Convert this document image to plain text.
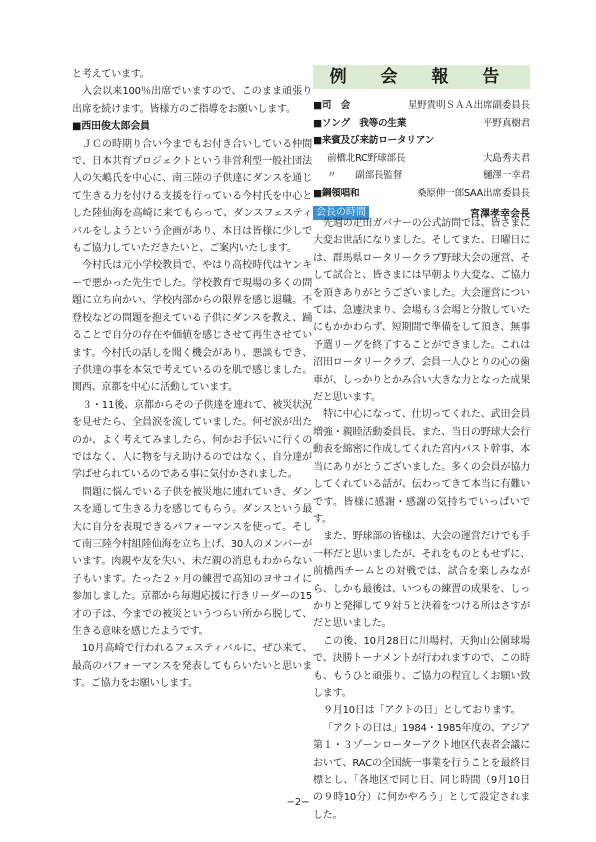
と考えています。

入会以来100％出席でいますので、このまま頑張り出席を続けます。皆様方のご指導をお願いします。

■西田俊太郎会員

ＪＣの時期り合い今までもお付き合いしている仲間で、日本共育プロジェクトという非営利型一般社団法人の矢嶋氏を中心に、南三陸の子供達にダンスを通じて生きる力を付ける支援を行っている今村氏を中心とした陸仙海を高崎に来てもらって、ダンスフェスティバルをしようという企画があり、本日は皆様に少しでもご協力していただきたいと、ご案内いたします。

今村氏は元小学校教員で、やはり高校時代はヤンキーで悪かった先生でした。学校教育で現場の多くの問題に立ち向かい、学校内部からの限界を感じ退職。不登校などの問題を抱えている子供にダンスを教え、踊ることで自分の存在や価値を感じさせて再生させています。今村氏の話しを聞く機会があり、悪談もでき、子供達の事を本気で考えているのを肌で感じました。関西、京都を中心に活動しています。

３・11後、京都からその子供達を連れて、被災状況を見せたら、全員涙を流していました。何ゼ涙が出たのか、よく考えてみましたら、何かお手伝いに行くのではなく、人に物を与え助けるのではなく、自分達が学ばせられているのである事に気付かされました。

問題に悩んでいる子供を被災地に連れていき、ダンスを通して生きる力を感じてもらう。ダンスという最大に自分を表現できるパフォーマンスを使って。そして南三陸今村組陸仙海を立ち上げ、30人のメンバーがいます。肉親や友を失い、未だ親の消息もわからない子もいます。たった２ヶ月の練習で高知のヨサコイに参加しました。京都から毎週応援に行きリーダーの15才の子は、今までの被災というつらい所から脱して、生きる意味を感じたようです。

10月高崎で行われるフェスティバルに、ぜひ来て、最高のパフォーマンスを発表してもらいたいと思います。ご協力をお願いします。

例 会 報 告
■司　会	星野貴明ＳＡＡ出席副委員長
■ソング　我等の生業	平野真樹君
■来賓及び来訪ロータリアン
前橋北RC野球部長	大島秀夫君
〃　　副部長監督	樋澤一幸君
■鋼領唱和	桑原伸一郎SAA出席委員長
会長の時間	宮澤孝幸会長

先週の疋田ガバナーの公式訪問では、皆さまに大変お世話になりました。そしてまた、日曜日には、群馬県ロータリークラブ野球大会の運営、そして試合と、皆さまには早朝より大変な、ご協力を頂きありがとうございました。大会運営については、急遽決まり、会場も３会場と分散していたにもかかわらず、短期間で準備をして頂き、無事予選リーグを終了することができました。これは沼田ロータリークラブ、会員一人ひとりの心の歯車が、しっかりとかみ合い大きな力となった成果だと思います。

特に中心になって、仕切ってくれた、武田会員増強・親睦活動委員長、また、当日の野球大会行動表を綿密に作成してくれた宮内パスト幹事、本当にありがとうございました。多くの会員が協力してくれている話が、伝わってきて本当に有難いです。皆様に感謝・感謝の気持ちでいっぱいです。

また、野球部の皆様は、大会の運営だけでも手一杯だと思いましたが、それをものともせずに、前橋西チームとの対戦では、試合を楽しみながら、しかも最後は、いつもの練習の成果を、しっかりと発揮して９対５と決着をつける所はさすがだと思いました。

この後、10月28日に川場村、天狗山公園球場で、決勝トーナメントが行われますので、この時も、もうひと頑張り、ご協力の程宜しくお願い致します。

９月10日は「アクトの日」としております。

「アクトの日は」1984・1985年度の、アジア第１・３ゾーンローターアクト地区代表者会議において、RACの全国統一事業を行うことを最終目標とし、「各地区で同じ日、同じ時間（9月10日の９時10分）に何かやろう」として設定されました。

−2−
